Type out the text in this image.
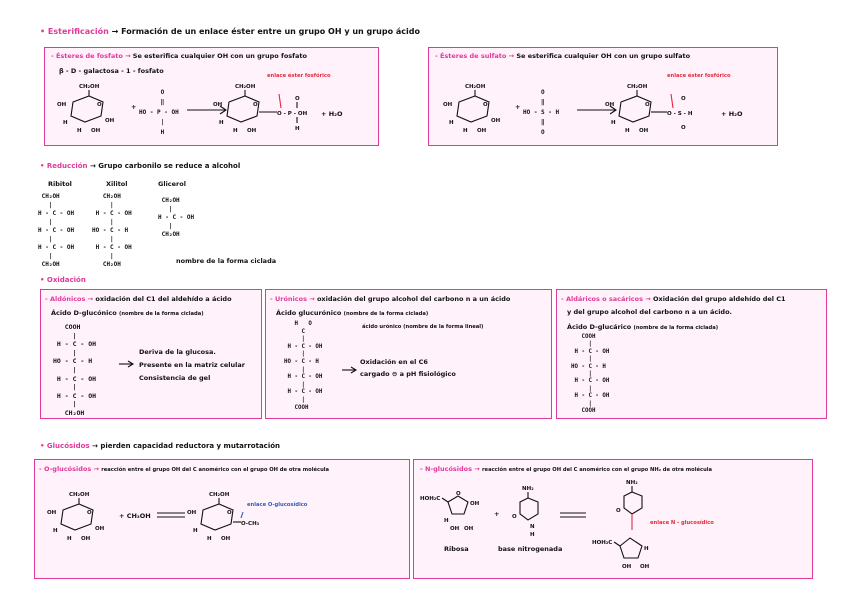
• Esterificación → Formación de un enlace éster entre un grupo OH y un grupo ácido
- Ésteres de fosfato → Se esterifica cualquier OH con un grupo fosfato
β - D - galactosa - 1 - fosfato
enlace éster fosfórico
CH₂OH
O
OH
H
H OH
OH
+
O
‖
HO - P - OH
|
H
CH₂OH
O
OH
H
H OH
O - P - OH
O
H
+ H₂O
- Ésteres de sulfato → Se esterifica cualquier OH con un grupo sulfato
enlace éster fosfórico
CH₂OH
O
OH
H
H OH
OH
+
O
‖
HO - S - H
‖
O
CH₂OH
O
OH
H
H OH
O - S - H
O
O
+ H₂O
• Reducción → Grupo carbonilo se reduce a alcohol
Ribitol	Xilitol	Glicerol
CH₂OH
|
H - C - OH
|
H - C - OH
|
H - C - OH
|
CH₂OH
CH₂OH
|
H - C - OH
|
HO - C - H
|
H - C - OH
|
CH₂OH
CH₂OH
|
H - C - OH
|
CH₂OH
nombre de la forma ciclada
• Oxidación
- Aldónicos → oxidación del C1 del aldehído a ácido
Ácido D-glucónico (nombre de la forma ciclada)
COOH
|
H - C - OH
|
HO - C - H
|
H - C - OH
|
H - C - OH
|
CH₂OH
Deriva de la glucosa.
Presente en la matriz celular
Consistencia de gel
- Urónicos → oxidación del grupo alcohol del carbono n a un ácido
Ácido glucurónico (nombre de la forma ciclada)
ácido urónico (nombre de la forma lineal)
H   O
C
|
H - C - OH
|
HO - C - H
|
H - C - OH
|
H - C - OH
|
COOH
Oxidación en el C6
cargado ⊖ a pH fisiológico
- Aldáricos o sacáricos → Oxidación del grupo aldehído del C1
y del grupo alcohol del carbono n a un ácido.
Ácido D-glucárico (nombre de la forma ciclada)
COOH
|
H - C - OH
|
HO - C - H
|
H - C - OH
|
H - C - OH
|
COOH
• Glucósidos → pierden capacidad reductora y mutarrotación
- O-glucósidos → reacción entre el grupo OH del C anomérico con el grupo OH de otra molécula
CH₂OH
O
OH
H
H OH
OH
+ CH₃OH
CH₂OH
O
OH
H
H OH
O-CH₃
enlace O-glucosídico
- N-glucósidos → reacción entre el grupo OH del C anomérico con el grupo NH₂ de otra molécula
HOH₂C
O
OH
H
OH OH
Ribosa
+
NH₂
O
N
H
base nitrogenada
NH₂
O
HOH₂C
OH OH
H
enlace N - glucosídico
